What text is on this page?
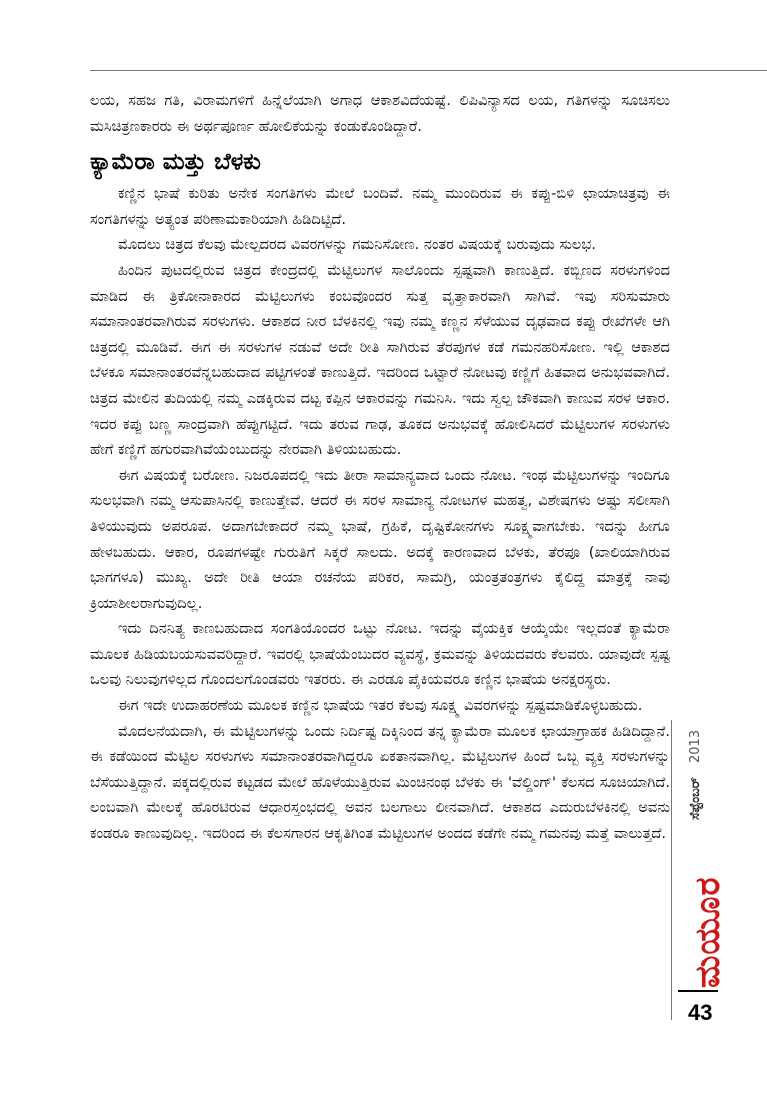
ಲಯ, ಸಹಜ ಗತಿ, ವಿರಾಮಗಳಿಗೆ ಹಿನ್ನೆಲೆಯಾಗಿ ಅಗಾಧ ಆಕಾಶವಿದೆಯಷ್ಟೆ. ಲಿಪಿವಿನ್ಯಾಸದ ಲಯ, ಗತಿಗಳನ್ನು ಸೂಚಿಸಲು ಮಸಿಚಿತ್ರಣಕಾರರು ಈ ಅರ್ಥಪೂರ್ಣ ಹೋಲಿಕೆಯನ್ನು ಕಂಡುಕೊಂಡಿದ್ದಾರೆ.

ಕ್ಯಾಮೆರಾ ಮತ್ತು ಬೆಳಕು

ಕಣ್ಣಿನ ಭಾಷೆ ಕುರಿತು ಅನೇಕ ಸಂಗತಿಗಳು ಮೇಲೆ ಬಂದಿವೆ. ನಮ್ಮ ಮುಂದಿರುವ ಈ ಕಪ್ಪು-ಬಿಳಿ ಛಾಯಾಚಿತ್ರವು ಈ ಸಂಗತಿಗಳನ್ನು ಅತ್ಯಂತ ಪರಿಣಾಮಕಾರಿಯಾಗಿ ಹಿಡಿದಿಟ್ಟಿದೆ.

ಮೊದಲು ಚಿತ್ರದ ಕೆಲವು ಮೇಲ್ಪದರದ ವಿವರಗಳನ್ನು ಗಮನಿಸೋಣ. ನಂತರ ವಿಷಯಕ್ಕೆ ಬರುವುದು ಸುಲಭ.

ಹಿಂದಿನ ಪುಟದಲ್ಲಿರುವ ಚಿತ್ರದ ಕೇಂದ್ರದಲ್ಲಿ ಮೆಟ್ಟಿಲುಗಳ ಸಾಲೊಂದು ಸ್ಪಷ್ಟವಾಗಿ ಕಾಣುತ್ತಿದೆ. ಕಬ್ಬಿಣದ ಸರಳುಗಳಿಂದ ಮಾಡಿದ ಈ ತ್ರಿಕೋನಾಕಾರದ ಮೆಟ್ಟಿಲುಗಳು ಕಂಬವೊಂದರ ಸುತ್ತ ವೃತ್ತಾಕಾರವಾಗಿ ಸಾಗಿವೆ. ಇವು ಸರಿಸುಮಾರು ಸಮಾನಾಂತರವಾಗಿರುವ ಸರಳುಗಳು. ಆಕಾಶದ ನೀರ ಬೆಳಕಿನಲ್ಲಿ ಇವು ನಮ್ಮ ಕಣ್ಣನ ಸೆಳೆಯುವ ದೃಢವಾದ ಕಪ್ಪು ರೇಖೆಗಳೇ ಆಗಿ ಚಿತ್ರದಲ್ಲಿ ಮೂಡಿವೆ. ಈಗ ಈ ಸರಳುಗಳ ನಡುವೆ ಅದೇ ರೀತಿ ಸಾಗಿರುವ ತೆರಪುಗಳ ಕಡೆ ಗಮನಹರಿಸೋಣ. ಇಲ್ಲಿ ಆಕಾಶದ ಬೆಳಕೂ ಸಮಾನಾಂತರವೆನ್ನಬಹುದಾದ ಪಟ್ಟಿಗಳಂತೆ ಕಾಣುತ್ತಿದೆ. ಇದರಿಂದ ಒಟ್ಟಾರೆ ನೋಟವು ಕಣ್ಣಿಗೆ ಹಿತವಾದ ಅನುಭವವಾಗಿದೆ. ಚಿತ್ರದ ಮೇಲಿನ ತುದಿಯಲ್ಲಿ ನಮ್ಮ ಎಡಕ್ಕಿರುವ ದಟ್ಟ ಕಪ್ಪಿನ ಆಕಾರವನ್ನು ಗಮನಿಸಿ. ಇದು ಸ್ವಲ್ಪ ಚೌಕವಾಗಿ ಕಾಣುವ ಸರಳ ಆಕಾರ. ಇದರ ಕಪ್ಪು ಬಣ್ಣ ಸಾಂದ್ರವಾಗಿ ಹೆಪ್ಪುಗಟ್ಟಿದೆ. ಇದು ತರುವ ಗಾಢ, ತೂಕದ ಅನುಭವಕ್ಕೆ ಹೋಲಿಸಿದರೆ ಮೆಟ್ಟಿಲುಗಳ ಸರಳುಗಳು ಹೇಗೆ ಕಣ್ಣಿಗೆ ಹಗುರವಾಗಿವೆಯೆಂಬುದನ್ನು ನೇರವಾಗಿ ತಿಳಿಯಬಹುದು.

ಈಗ ವಿಷಯಕ್ಕೆ ಬರೋಣ. ನಿಜರೂಪದಲ್ಲಿ ಇದು ತೀರಾ ಸಾಮಾನ್ಯವಾದ ಒಂದು ನೋಟ. ಇಂಥ ಮೆಟ್ಟಿಲುಗಳನ್ನು ಇಂದಿಗೂ ಸುಲಭವಾಗಿ ನಮ್ಮ ಆಸುಪಾಸಿನಲ್ಲಿ ಕಾಣುತ್ತೇವೆ. ಆದರೆ ಈ ಸರಳ ಸಾಮಾನ್ಯ ನೋಟಗಳ ಮಹತ್ವ, ವಿಶೇಷಗಳು ಅಷ್ಟು ಸಲೀಸಾಗಿ ತಿಳಿಯುವುದು ಅಪರೂಪ. ಅದಾಗಬೇಕಾದರೆ ನಮ್ಮ ಭಾಷೆ, ಗ್ರಹಿಕೆ, ದೃಷ್ಟಿಕೋನಗಳು ಸೂಕ್ಷ್ಮವಾಗಬೇಕು. ಇದನ್ನು ಹೀಗೂ ಹೇಳಬಹುದು. ಆಕಾರ, ರೂಪಗಳಷ್ಟೇ ಗುರುತಿಗೆ ಸಿಕ್ಕರೆ ಸಾಲದು. ಅದಕ್ಕೆ ಕಾರಣವಾದ ಬೆಳಕು, ತೆರಪೂ (ಖಾಲಿಯಾಗಿರುವ ಭಾಗಗಳೂ) ಮುಖ್ಯ. ಅದೇ ರೀತಿ ಆಯಾ ರಚನೆಯ ಪರಿಕರ, ಸಾಮಗ್ರಿ, ಯಂತ್ರತಂತ್ರಗಳು ಕೈಲಿದ್ದ ಮಾತ್ರಕ್ಕೆ ನಾವು ಕ್ರಿಯಾಶೀಲರಾಗುವುದಿಲ್ಲ.

ಇದು ದಿನನಿತ್ಯ ಕಾಣಬಹುದಾದ ಸಂಗತಿಯೊಂದರ ಒಟ್ಟು ನೋಟ. ಇದನ್ನು ವೈಯಕ್ತಿಕ ಆಯ್ಕೆಯೇ ಇಲ್ಲದಂತೆ ಕ್ಯಾಮೆರಾ ಮೂಲಕ ಹಿಡಿಯಬಯಸುವವರಿದ್ದಾರೆ. ಇವರಲ್ಲಿ ಭಾಷೆಯೆಂಬುದರ ವ್ಯವಸ್ಥೆ, ಕ್ರಮವನ್ನು ತಿಳಿಯದವರು ಕೆಲವರು. ಯಾವುದೇ ಸ್ಪಷ್ಟ ಒಲವು ನಿಲುವುಗಳಿಲ್ಲದ ಗೊಂದಲಗೊಂಡವರು ಇತರರು. ಈ ಎರಡೂ ಪೈಕಿಯವರೂ ಕಣ್ಣಿನ ಭಾಷೆಯ ಅನಕ್ಷರಸ್ಥರು.

ಈಗ ಇದೇ ಉದಾಹರಣೆಯ ಮೂಲಕ ಕಣ್ಣಿನ ಭಾಷೆಯ ಇತರ ಕೆಲವು ಸೂಕ್ಷ್ಮ ವಿವರಗಳನ್ನು ಸ್ಪಷ್ಟಮಾಡಿಕೊಳ್ಳಬಹುದು.

ಮೊದಲನೆಯದಾಗಿ, ಈ ಮೆಟ್ಟಿಲುಗಳನ್ನು ಒಂದು ನಿರ್ದಿಷ್ಟ ದಿಕ್ಕಿನಿಂದ ತನ್ನ ಕ್ಯಾಮೆರಾ ಮೂಲಕ ಛಾಯಾಗ್ರಾಹಕ ಹಿಡಿದಿದ್ದಾನೆ. ಈ ಕಡೆಯಿಂದ ಮೆಟ್ಟಿಲ ಸರಳುಗಳು ಸಮಾನಾಂತರವಾಗಿದ್ದರೂ ಏಕತಾನವಾಗಿಲ್ಲ. ಮೆಟ್ಟಿಲುಗಳ ಹಿಂದೆ ಒಬ್ಬ ವ್ಯಕ್ತಿ ಸರಳುಗಳನ್ನು ಬೆಸೆಯುತ್ತಿದ್ದಾನೆ. ಪಕ್ಕದಲ್ಲಿರುವ ಕಟ್ಟಡದ ಮೇಲೆ ಹೊಳೆಯುತ್ತಿರುವ ಮಿಂಚಿನಂಥ ಬೆಳಕು ಈ 'ವೆಲ್ಡಿಂಗ್' ಕೆಲಸದ ಸೂಚಿಯಾಗಿದೆ. ಲಂಬವಾಗಿ ಮೇಲಕ್ಕೆ ಹೊರಟಿರುವ ಆಧಾರಸ್ತಂಭದಲ್ಲಿ ಅವನ ಬಲಗಾಲು ಲೀನವಾಗಿದೆ. ಆಕಾಶದ ಎದುರುಬೆಳಕಿನಲ್ಲಿ ಅವನು ಕಂಡರೂ ಕಾಣುವುದಿಲ್ಲ. ಇದರಿಂದ ಈ ಕೆಲಸಗಾರನ ಆಕೃತಿಗಿಂತ ಮೆಟ್ಟಿಲುಗಳ ಅಂದದ ಕಡೆಗೇ ನಮ್ಮ ಗಮನವು ಮತ್ತೆ ವಾಲುತ್ತದೆ.

ಮಯೂರ
ಸೆಪ್ಟೆಂಬರ್ 2013
43
